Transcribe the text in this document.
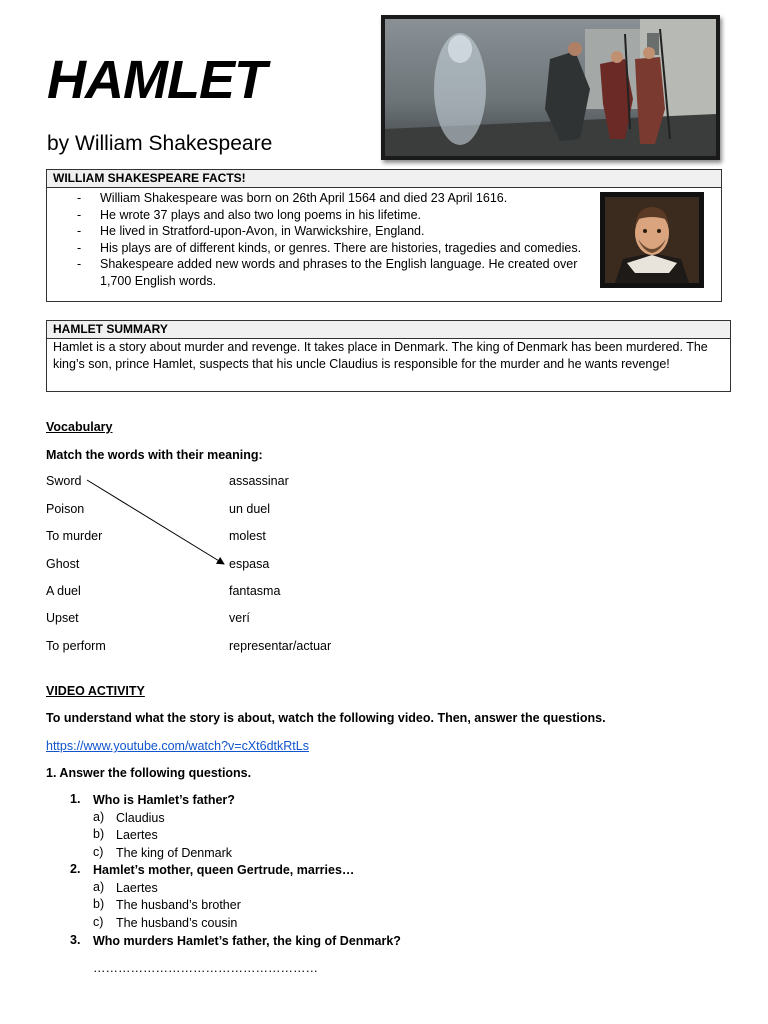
HAMLET
by William Shakespeare
WILLIAM SHAKESPEARE FACTS!
- William Shakespeare was born on 26th April 1564 and died 23 April 1616.
- He wrote 37 plays and also two long poems in his lifetime.
- He lived in Stratford-upon-Avon, in Warwickshire, England.
- His plays are of different kinds, or genres. There are histories, tragedies and comedies.
- Shakespeare added new words and phrases to the English language. He created over 1,700 English words.
HAMLET SUMMARY
Hamlet is a story about murder and revenge. It takes place in Denmark. The king of Denmark has been murdered. The king’s son, prince Hamlet, suspects that his uncle Claudius is responsible for the murder and he wants revenge!
Vocabulary
Match the words with their meaning:
Sword
Poison
To murder
Ghost
A duel
Upset
To perform
assassinar
un duel
molest
espasa
fantasma
verí
representar/actuar
VIDEO ACTIVITY
To understand what the story is about, watch the following video. Then, answer the questions.
https://www.youtube.com/watch?v=cXt6dtkRtLs
1. Answer the following questions.
1. Who is Hamlet’s father?
a) Claudius
b) Laertes
c) The king of Denmark
2. Hamlet’s mother, queen Gertrude, marries…
a) Laertes
b) The husband’s brother
c) The husband’s cousin
3. Who murders Hamlet’s father, the king of Denmark?
………………………………………………
